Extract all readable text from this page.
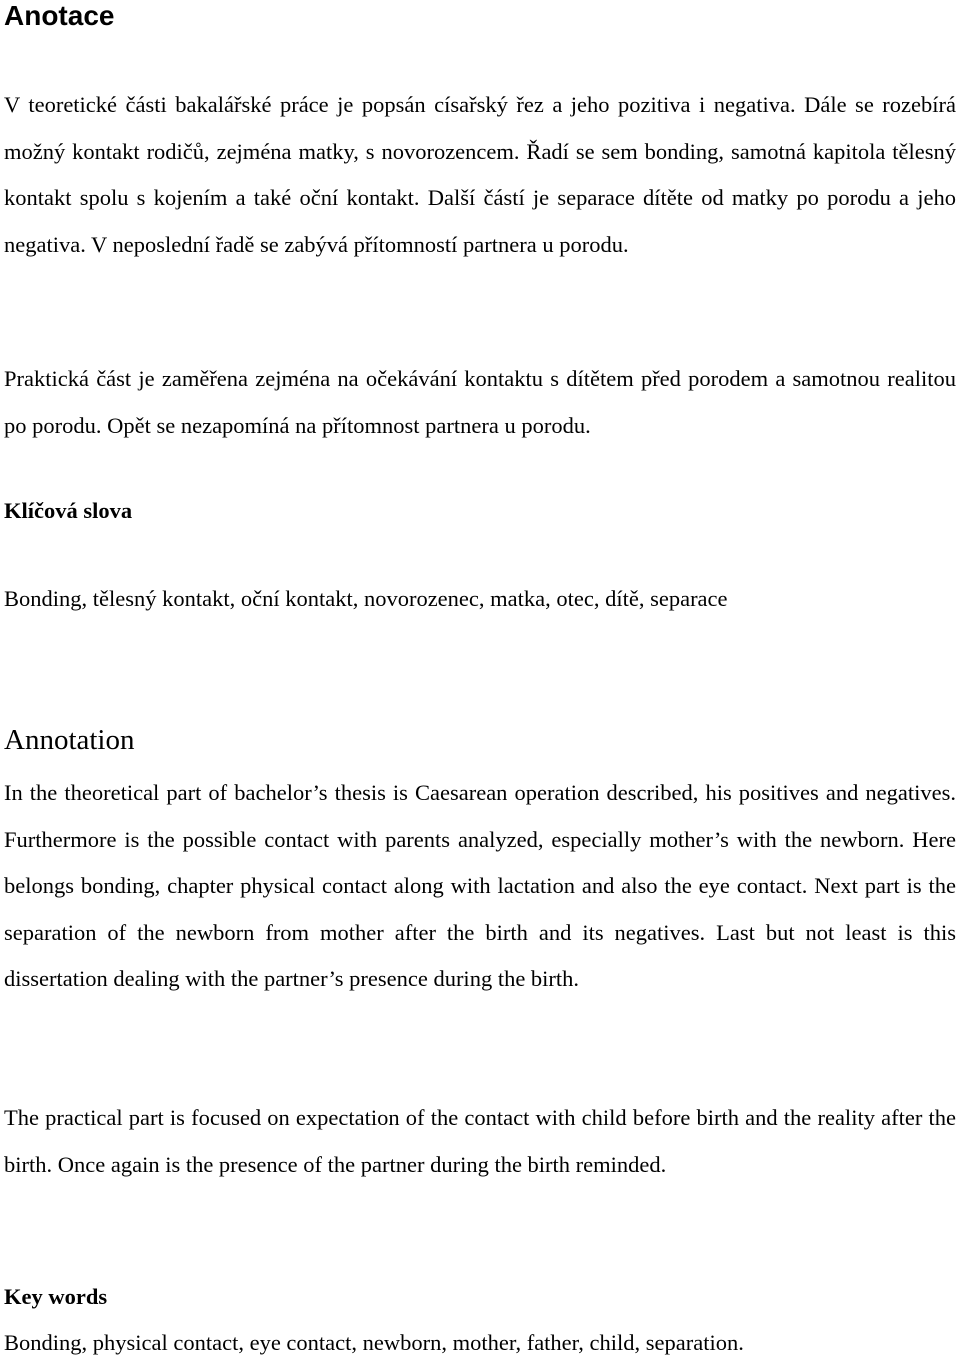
Anotace

V teoretické části bakalářské práce je popsán císařský řez a jeho pozitiva i negativa. Dále se rozebírá možný kontakt rodičů, zejména matky, s novorozencem. Řadí se sem bonding, samotná kapitola tělesný kontakt spolu s kojením a také oční kontakt. Další částí je separace dítěte od matky po porodu a jeho negativa. V neposlední řadě se zabývá přítomností partnera u porodu.

Praktická část je zaměřena zejména na očekávání kontaktu s dítětem před porodem a samotnou realitou po porodu. Opět se nezapomíná na přítomnost partnera u porodu.

Klíčová slova

Bonding, tělesný kontakt, oční kontakt, novorozenec, matka, otec, dítě, separace

Annotation

In the theoretical part of bachelor’s thesis is Caesarean operation described, his positives and negatives. Furthermore is the possible contact with parents analyzed, especially mother’s with the newborn. Here belongs bonding, chapter physical contact along with lactation and also the eye contact. Next part is the separation of the newborn from mother after the birth and its negatives. Last but not least is this dissertation dealing with the partner’s presence during the birth.

The practical part is focused on expectation of the contact with child before birth and the reality after the birth. Once again is the presence of the partner during the birth reminded.

Key words

Bonding, physical contact, eye contact, newborn, mother, father, child, separation.
